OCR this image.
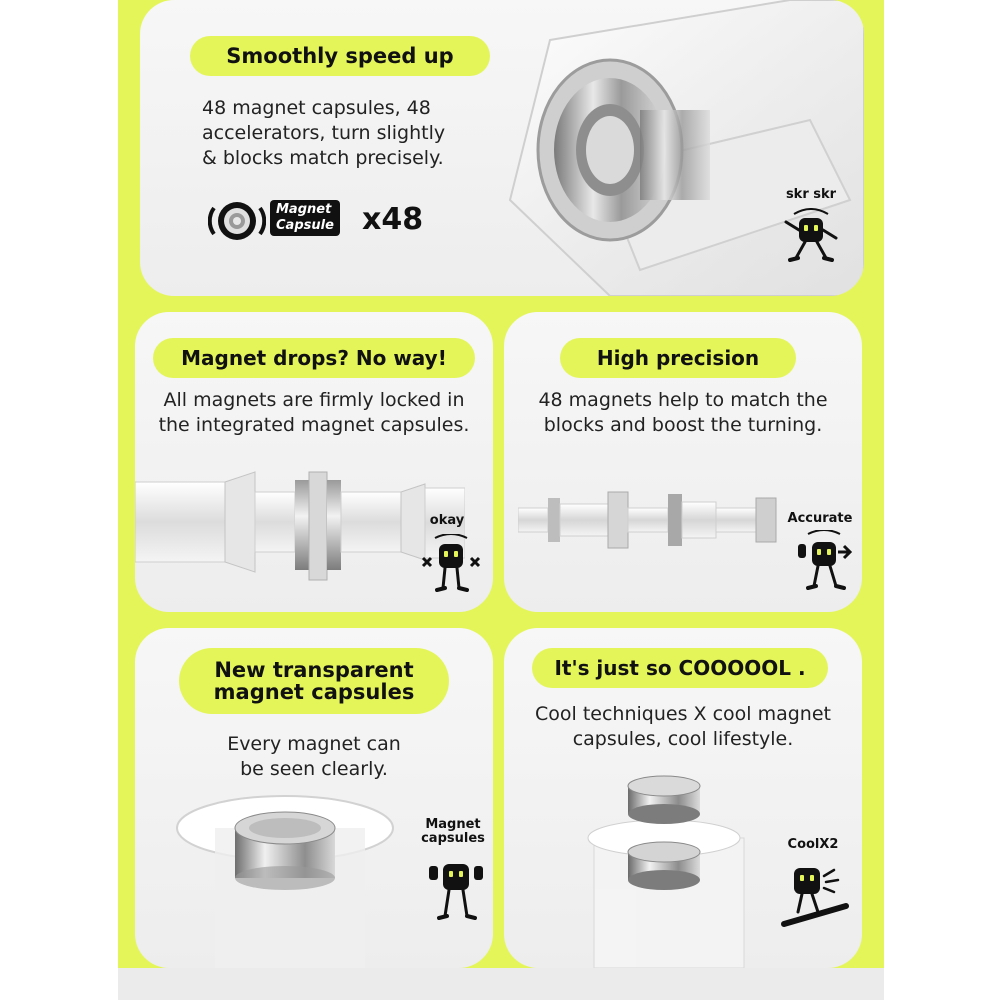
Smoothly speed up
48 magnet capsules, 48 accelerators, turn slightly & blocks match precisely.
Magnet
Capsule x48
skr skr
Magnet drops? No way!
All magnets are firmly locked in the integrated magnet capsules.
okay
High precision
48 magnets help to match the blocks and boost the turning.
Accurate
New transparent
magnet capsules
Every magnet can be seen clearly.
Magnet
capsules
It's just so COOOOOL .
Cool techniques X cool magnet capsules, cool lifestyle.
CoolX2
